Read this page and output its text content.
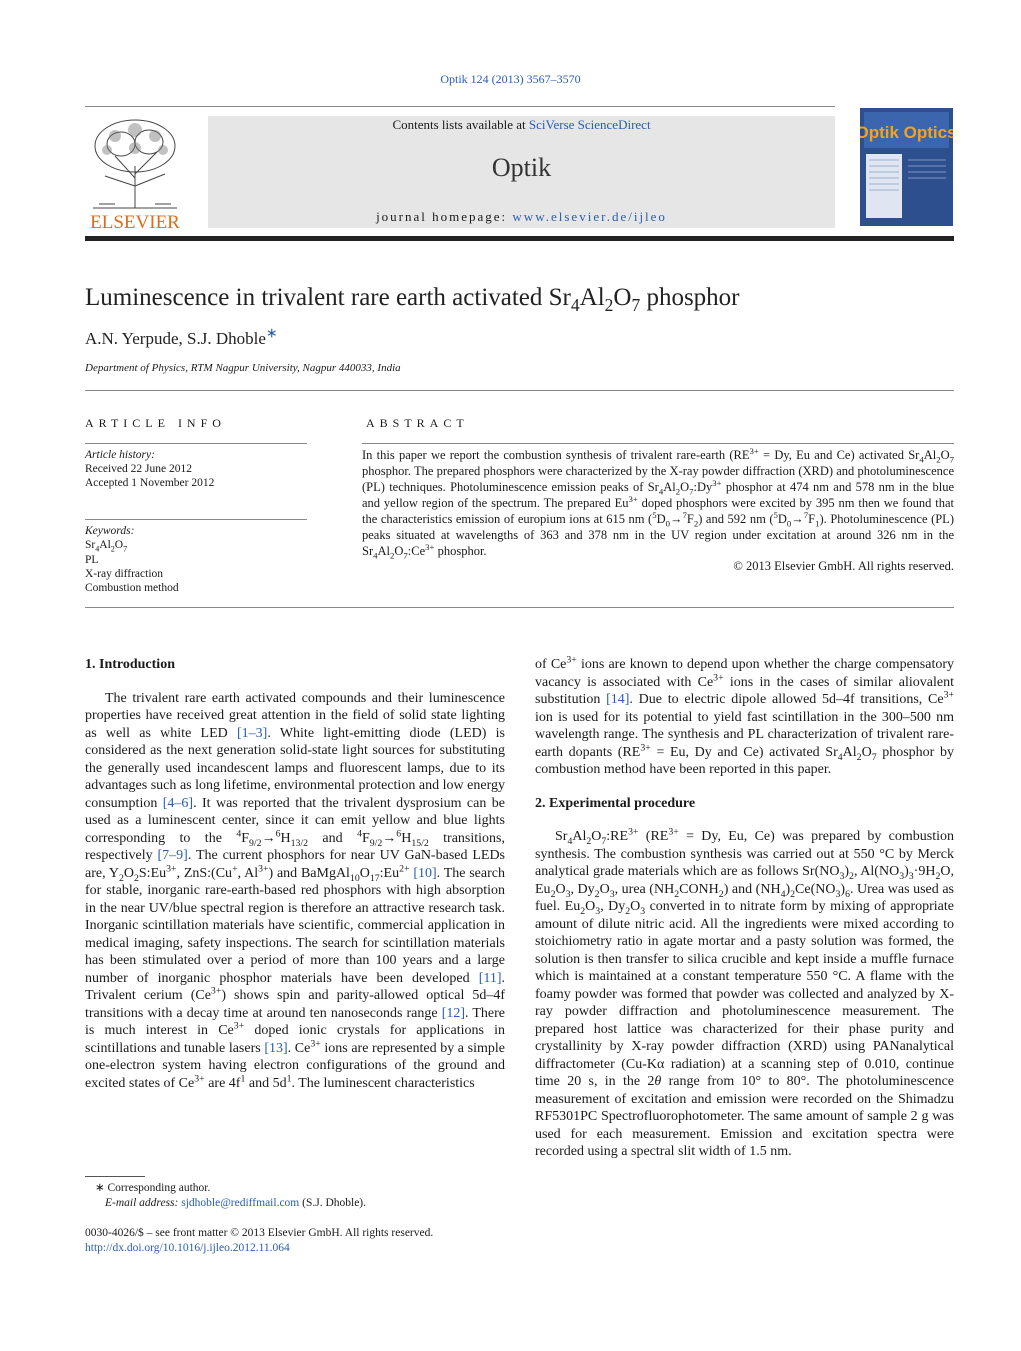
Optik 124 (2013) 3567–3570
ELSEVIER
Contents lists available at SciVerse ScienceDirect
Optik
journal homepage: www.elsevier.de/ijleo
Optik Optics
Luminescence in trivalent rare earth activated $Sr_4Al_2O_7$ phosphor
A.N. Yerpude, S.J. Dhoble∗
Department of Physics, RTM Nagpur University, Nagpur 440033, India
ARTICLE INFO
Article history:
Received 22 June 2012
Accepted 1 November 2012
Keywords:
$Sr_4Al_2O_7$
PL
X-ray diffraction
Combustion method
ABSTRACT
In this paper we report the combustion synthesis of trivalent rare-earth ($RE^{3+} = Dy$, Eu and Ce) activated $Sr_4Al_2O_7$ phosphor. The prepared phosphors were characterized by the X-ray powder diffraction (XRD) and photoluminescence (PL) techniques. Photoluminescence emission peaks of $Sr_4Al_2O_7:Dy^{3+}$ phosphor at 474 nm and 578 nm in the blue and yellow region of the spectrum. The prepared $Eu^{3+}$ doped phosphors were excited by 395 nm then we found that the characteristics emission of europium ions at 615 nm $(^5D_0\to^7F_2)$ and 592 nm $(^5D_0\to^7F_1)$. Photoluminescence (PL) peaks situated at wavelengths of 363 and 378 nm in the UV region under excitation at around 326 nm in the $Sr_4Al_2O_7:Ce^{3+}$ phosphor.
© 2013 Elsevier GmbH. All rights reserved.
1. Introduction

The trivalent rare earth activated compounds and their luminescence properties have received great attention in the field of solid state lighting as well as white LED [1–3]. White light-emitting diode (LED) is considered as the next generation solid-state light sources for substituting the generally used incandescent lamps and fluorescent lamps, due to its advantages such as long lifetime, environmental protection and low energy consumption [4–6]. It was reported that the trivalent dysprosium can be used as a luminescent center, since it can emit yellow and blue lights corresponding to the $^4F_{9/2}\to^6H_{13/2}$ and $^4F_{9/2}\to^6H_{15/2}$ transitions, respectively [7–9]. The current phosphors for near UV GaN-based LEDs are, $Y_2O_2S:Eu^{3+}$, ZnS:(Cu+, $Al^{3+}$) and $BaMgAl_{10}O_{17}:Eu^{2+}$ [10]. The search for stable, inorganic rare-earth-based red phosphors with high absorption in the near UV/blue spectral region is therefore an attractive research task. Inorganic scintillation materials have scientific, commercial application in medical imaging, safety inspections. The search for scintillation materials has been stimulated over a period of more than 100 years and a large number of inorganic phosphor materials have been developed [11]. Trivalent cerium $(Ce^{3+})$ shows spin and parity-allowed optical 5d–4f transitions with a decay time at around ten nanoseconds range [12]. There is much interest in $Ce^{3+}$ doped ionic crystals for applications in scintillations and tunable lasers [13]. $Ce^{3+}$ ions are represented by a simple one-electron system having electron configurations of the ground and excited states of $Ce^{3+}$ are $4f^1$ and $5d^1$. The luminescent characteristics

of $Ce^{3+}$ ions are known to depend upon whether the charge compensatory vacancy is associated with $Ce^{3+}$ ions in the cases of similar aliovalent substitution [14]. Due to electric dipole allowed 5d–4f transitions, $Ce^{3+}$ ion is used for its potential to yield fast scintillation in the 300–500 nm wavelength range. The synthesis and PL characterization of trivalent rare-earth dopants ($RE^{3+} = Eu$, Dy and Ce) activated $Sr_4Al_2O_7$ phosphor by combustion method have been reported in this paper.

2. Experimental procedure

$Sr_4Al_2O_7:RE^{3+}$ ($RE^{3+} = Dy$, Eu, Ce) was prepared by combustion synthesis. The combustion synthesis was carried out at 550 °C by Merck analytical grade materials which are as follows $Sr(NO_3)_2$, $Al(NO_3)_3\cdot 9H_2O$, $Eu_2O_3$, $Dy_2O_3$, urea $(NH_2CONH_2)$ and $(NH_4)_2Ce(NO_3)_6$. Urea was used as fuel. $Eu_2O_3$, $Dy_2O_3$ converted in to nitrate form by mixing of appropriate amount of dilute nitric acid. All the ingredients were mixed according to stoichiometry ratio in agate mortar and a pasty solution was formed, the solution is then transfer to silica crucible and kept inside a muffle furnace which is maintained at a constant temperature 550 °C. A flame with the foamy powder was formed that powder was collected and analyzed by X-ray powder diffraction and photoluminescence measurement. The prepared host lattice was characterized for their phase purity and crystallinity by X-ray powder diffraction (XRD) using PANanalytical diffractometer (Cu-Kα radiation) at a scanning step of 0.010, continue time 20 s, in the 2θ range from 10° to 80°. The photoluminescence measurement of excitation and emission were recorded on the Shimadzu RF5301PC Spectrofluorophotometer. The same amount of sample 2 g was used for each measurement. Emission and excitation spectra were recorded using a spectral slit width of 1.5 nm.

∗ Corresponding author.
E-mail address: sjdhoble@rediffmail.com (S.J. Dhoble).
0030-4026/$ – see front matter © 2013 Elsevier GmbH. All rights reserved.
http://dx.doi.org/10.1016/j.ijleo.2012.11.064
